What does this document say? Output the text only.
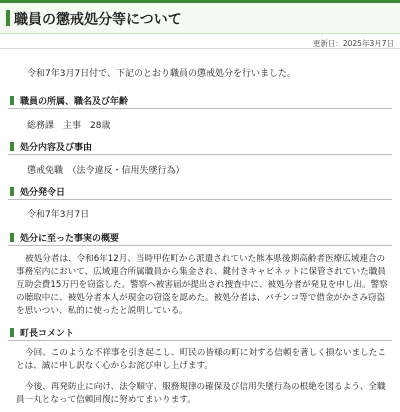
職員の懲戒処分等について
更新日：2025年3月7日
令和7年3月7日付で、下記のとおり職員の懲戒処分を行いました。
職員の所属、職名及び年齢
総務課　主事　28歳
処分内容及び事由
懲戒免職　（法令違反・信用失墜行為）
処分発令日
令和7年3月7日
処分に至った事実の概要

被処分者は、令和6年12月、当時甲佐町から派遣されていた熊本県後期高齢者医療広域連合の事務室内において、広域連合所属職員から集金され、鍵付きキャビネットに保管されていた職員互助会費15万円を窃盗した。警察へ被害届が提出され捜査中に、被処分者が発見を申し出。警察の聴取中に、被処分者本人が現金の窃盗を認めた。被処分者は、パチンコ等で借金がかさみ窃盗を思いつい、私的に使ったと説明している。

町長コメント

今回、このような不祥事を引き起こし、町民の皆様の町に対する信頼を著しく損ないましたことは、誠に申し訳なく心からお詫び申し上げます。

今後、再発防止に向け、法令順守、服務規律の確保及び信用失墜行為の根絶を図るよう、全職員一丸となって信頼回復に努めてまいります。
